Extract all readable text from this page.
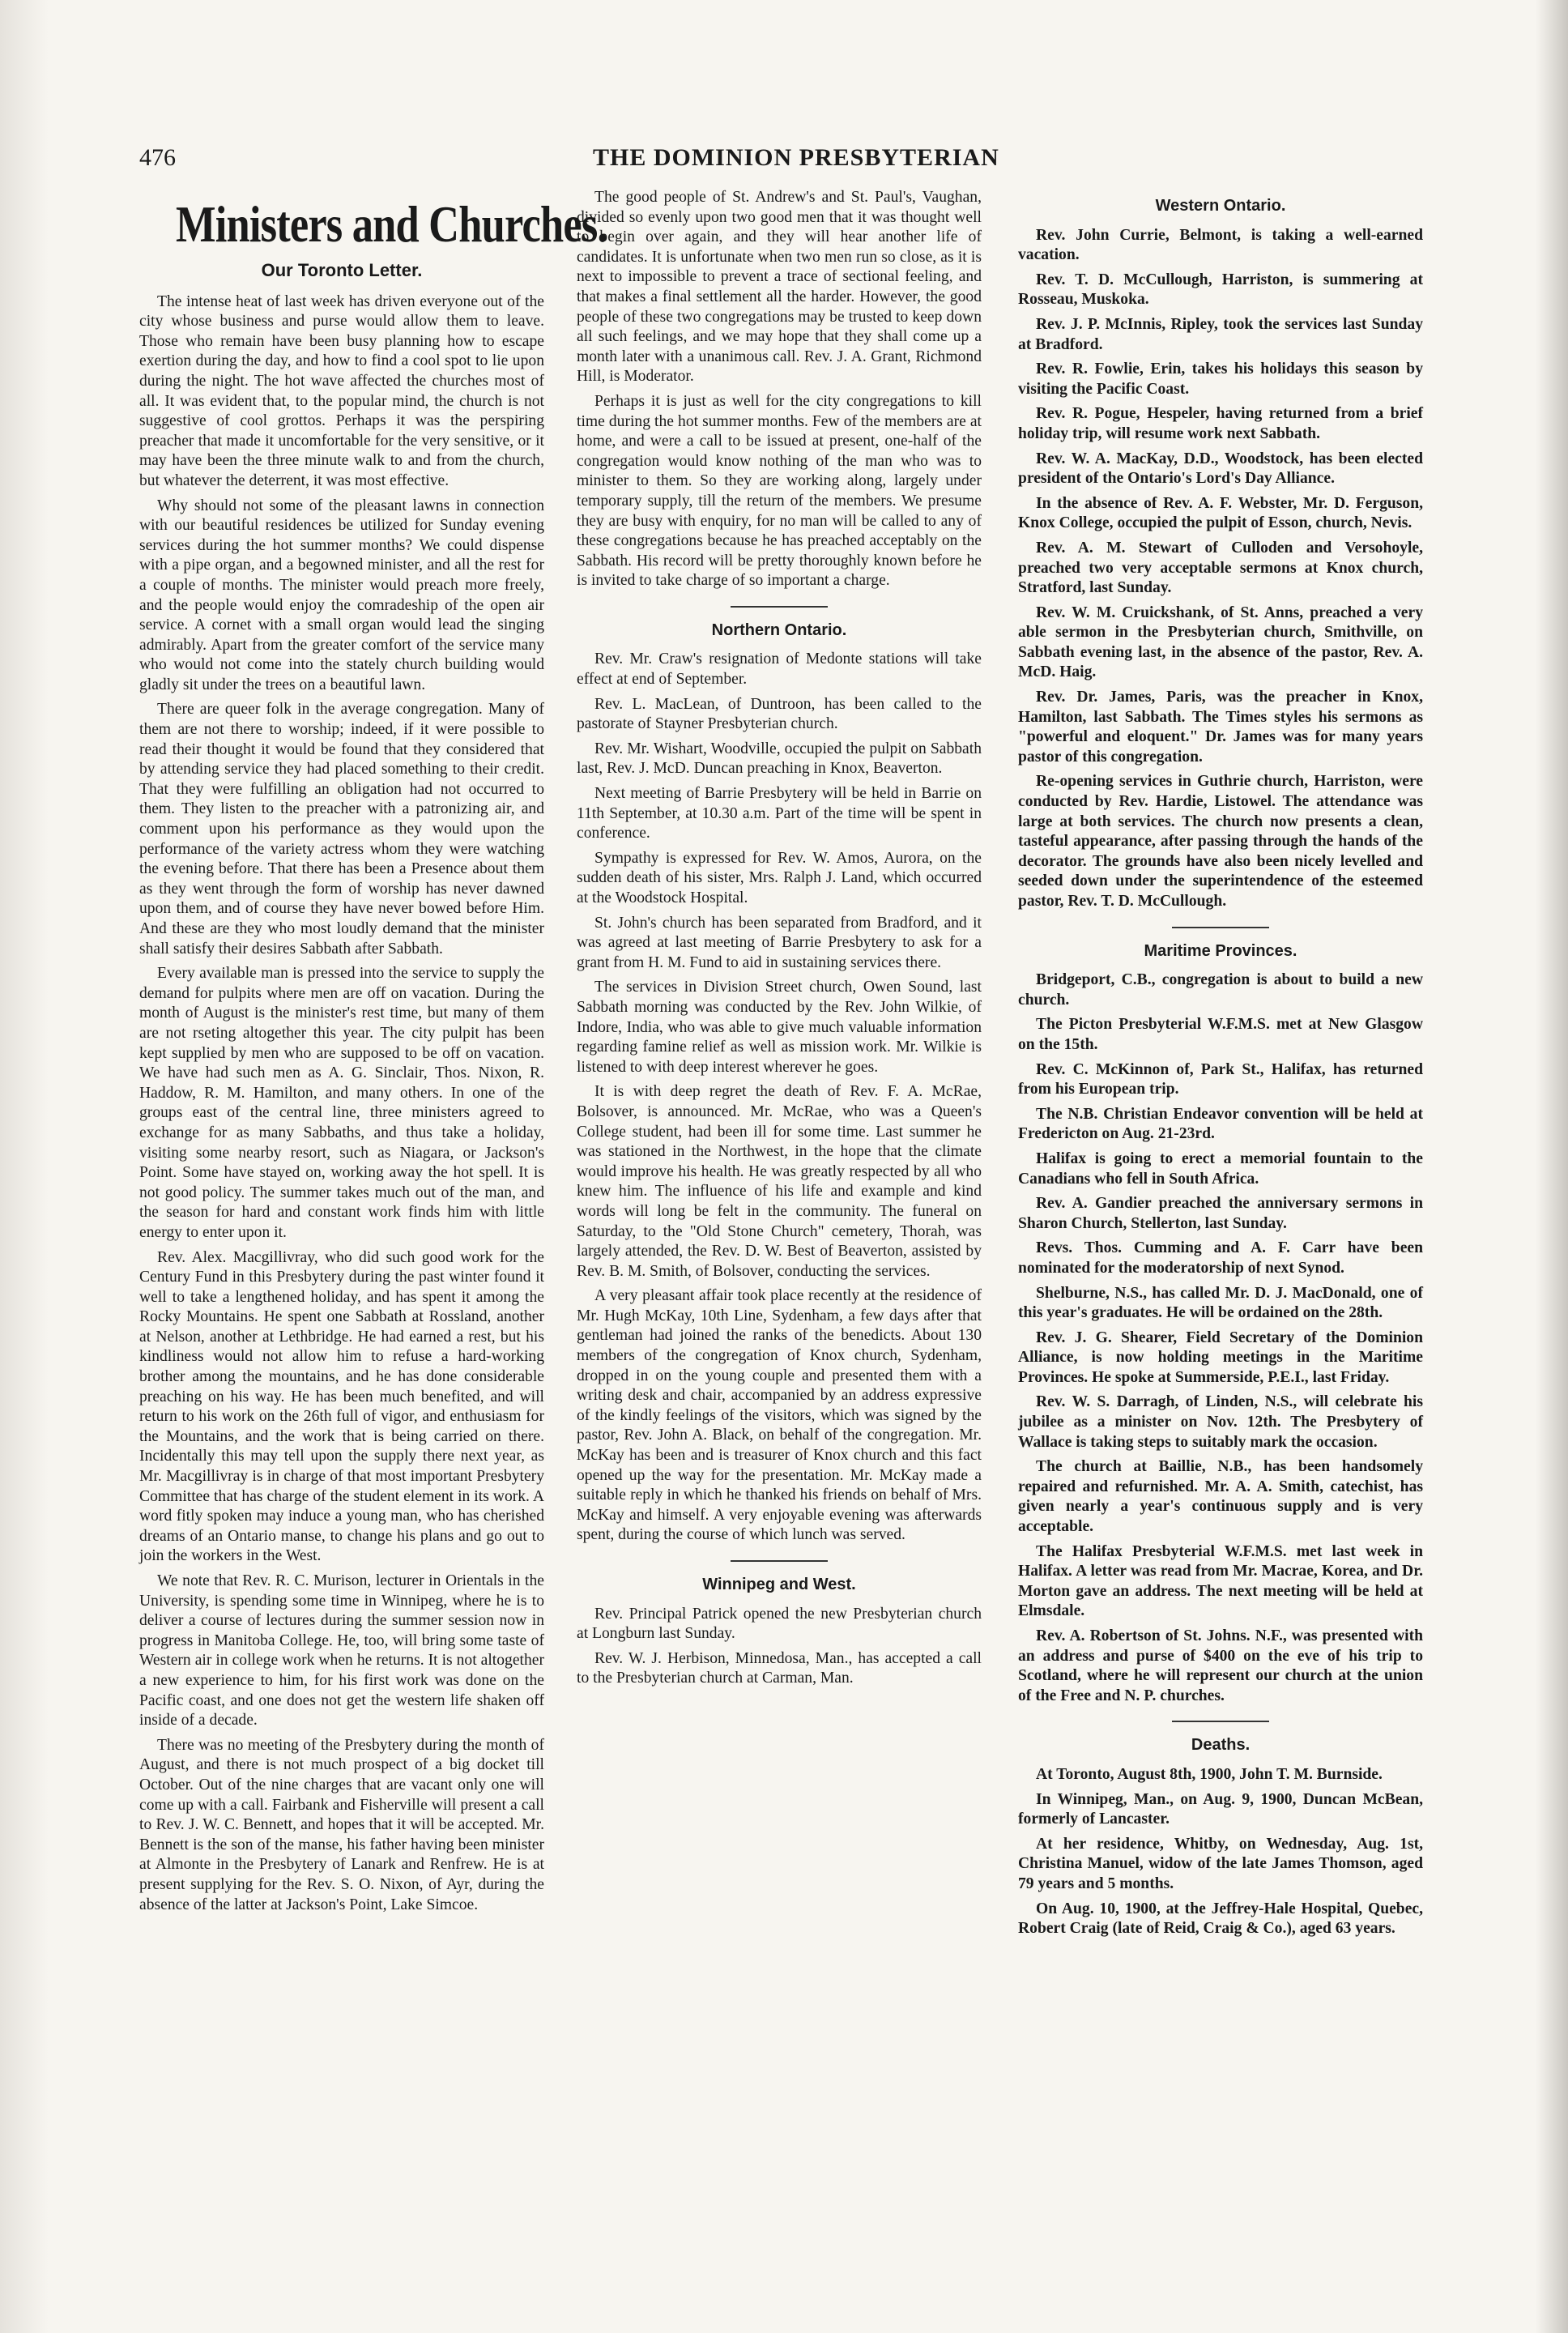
476	THE DOMINION PRESBYTERIAN
Ministers and Churches.
Our Toronto Letter.

The intense heat of last week has driven everyone out of the city whose business and purse would allow them to leave. Those who remain have been busy planning how to escape exertion during the day, and how to find a cool spot to lie upon during the night. The hot wave affected the churches most of all. It was evident that, to the popular mind, the church is not suggestive of cool grottos. Perhaps it was the perspiring preacher that made it uncomfortable for the very sensitive, or it may have been the three minute walk to and from the church, but whatever the deterrent, it was most effective.

Why should not some of the pleasant lawns in connection with our beautiful residences be utilized for Sunday evening services during the hot summer months? We could dispense with a pipe organ, and a begowned minister, and all the rest for a couple of months. The minister would preach more freely, and the people would enjoy the comradeship of the open air service. A cornet with a small organ would lead the singing admirably. Apart from the greater comfort of the service many who would not come into the stately church building would gladly sit under the trees on a beautiful lawn.

There are queer folk in the average congregation. Many of them are not there to worship; indeed, if it were possible to read their thought it would be found that they considered that by attending service they had placed something to their credit. That they were fulfilling an obligation had not occurred to them. They listen to the preacher with a patronizing air, and comment upon his performance as they would upon the performance of the variety actress whom they were watching the evening before. That there has been a Presence about them as they went through the form of worship has never dawned upon them, and of course they have never bowed before Him. And these are they who most loudly demand that the minister shall satisfy their desires Sabbath after Sabbath.

Every available man is pressed into the service to supply the demand for pulpits where men are off on vacation. During the month of August is the minister's rest time, but many of them are not rseting altogether this year. The city pulpit has been kept supplied by men who are supposed to be off on vacation. We have had such men as A. G. Sinclair, Thos. Nixon, R. Haddow, R. M. Hamilton, and many others. In one of the groups east of the central line, three ministers agreed to exchange for as many Sabbaths, and thus take a holiday, visiting some nearby resort, such as Niagara, or Jackson's Point. Some have stayed on, working away the hot spell. It is not good policy. The summer takes much out of the man, and the season for hard and constant work finds him with little energy to enter upon it.

Rev. Alex. Macgillivray, who did such good work for the Century Fund in this Presbytery during the past winter found it well to take a lengthened holiday, and has spent it among the Rocky Mountains. He spent one Sabbath at Rossland, another at Nelson, another at Lethbridge. He had earned a rest, but his kindliness would not allow him to refuse a hard-working brother among the mountains, and he has done considerable preaching on his way. He has been much benefited, and will return to his work on the 26th full of vigor, and enthusiasm for the Mountains, and the work that is being carried on there. Incidentally this may tell upon the supply there next year, as Mr. Macgillivray is in charge of that most important Presbytery Committee that has charge of the student element in its work. A word fitly spoken may induce a young man, who has cherished dreams of an Ontario manse, to change his plans and go out to join the workers in the West.

We note that Rev. R. C. Murison, lecturer in Orientals in the University, is spending some time in Winnipeg, where he is to deliver a course of lectures during the summer session now in progress in Manitoba College. He, too, will bring some taste of Western air in college work when he returns. It is not altogether a new experience to him, for his first work was done on the Pacific coast, and one does not get the western life shaken off inside of a decade.

There was no meeting of the Presbytery during the month of August, and there is not much prospect of a big docket till October. Out of the nine charges that are vacant only one will come up with a call. Fairbank and Fisherville will present a call to Rev. J. W. C. Bennett, and hopes that it will be accepted. Mr. Bennett is the son of the manse, his father having been minister at Almonte in the Presbytery of Lanark and Renfrew. He is at present supplying for the Rev. S. O. Nixon, of Ayr, during the absence of the latter at Jackson's Point, Lake Simcoe.

The good people of St. Andrew's and St. Paul's, Vaughan, divided so evenly upon two good men that it was thought well to begin over again, and they will hear another life of candidates. It is unfortunate when two men run so close, as it is next to impossible to prevent a trace of sectional feeling, and that makes a final settlement all the harder. However, the good people of these two congregations may be trusted to keep down all such feelings, and we may hope that they shall come up a month later with a unanimous call. Rev. J. A. Grant, Richmond Hill, is Moderator.

Perhaps it is just as well for the city congregations to kill time during the hot summer months. Few of the members are at home, and were a call to be issued at present, one-half of the congregation would know nothing of the man who was to minister to them. So they are working along, largely under temporary supply, till the return of the members. We presume they are busy with enquiry, for no man will be called to any of these congregations because he has preached acceptably on the Sabbath. His record will be pretty thoroughly known before he is invited to take charge of so important a charge.

Northern Ontario.

Rev. Mr. Craw's resignation of Medonte stations will take effect at end of September.

Rev. L. MacLean, of Duntroon, has been called to the pastorate of Stayner Presbyterian church.

Rev. Mr. Wishart, Woodville, occupied the pulpit on Sabbath last, Rev. J. McD. Duncan preaching in Knox, Beaverton.

Next meeting of Barrie Presbytery will be held in Barrie on 11th September, at 10.30 a.m. Part of the time will be spent in conference.

Sympathy is expressed for Rev. W. Amos, Aurora, on the sudden death of his sister, Mrs. Ralph J. Land, which occurred at the Woodstock Hospital.

St. John's church has been separated from Bradford, and it was agreed at last meeting of Barrie Presbytery to ask for a grant from H. M. Fund to aid in sustaining services there.

The services in Division Street church, Owen Sound, last Sabbath morning was conducted by the Rev. John Wilkie, of Indore, India, who was able to give much valuable information regarding famine relief as well as mission work. Mr. Wilkie is listened to with deep interest wherever he goes.

It is with deep regret the death of Rev. F. A. McRae, Bolsover, is announced. Mr. McRae, who was a Queen's College student, had been ill for some time. Last summer he was stationed in the Northwest, in the hope that the climate would improve his health. He was greatly respected by all who knew him. The influence of his life and example and kind words will long be felt in the community. The funeral on Saturday, to the "Old Stone Church" cemetery, Thorah, was largely attended, the Rev. D. W. Best of Beaverton, assisted by Rev. B. M. Smith, of Bolsover, conducting the services.

A very pleasant affair took place recently at the residence of Mr. Hugh McKay, 10th Line, Sydenham, a few days after that gentleman had joined the ranks of the benedicts. About 130 members of the congregation of Knox church, Sydenham, dropped in on the young couple and presented them with a writing desk and chair, accompanied by an address expressive of the kindly feelings of the visitors, which was signed by the pastor, Rev. John A. Black, on behalf of the congregation. Mr. McKay has been and is treasurer of Knox church and this fact opened up the way for the presentation. Mr. McKay made a suitable reply in which he thanked his friends on behalf of Mrs. McKay and himself. A very enjoyable evening was afterwards spent, during the course of which lunch was served.

Winnipeg and West.

Rev. Principal Patrick opened the new Presbyterian church at Longburn last Sunday.

Rev. W. J. Herbison, Minnedosa, Man., has accepted a call to the Presbyterian church at Carman, Man.

Western Ontario.

Rev. John Currie, Belmont, is taking a well-earned vacation.

Rev. T. D. McCullough, Harriston, is summering at Rosseau, Muskoka.

Rev. J. P. McInnis, Ripley, took the services last Sunday at Bradford.

Rev. R. Fowlie, Erin, takes his holidays this season by visiting the Pacific Coast.

Rev. R. Pogue, Hespeler, having returned from a brief holiday trip, will resume work next Sabbath.

Rev. W. A. MacKay, D.D., Woodstock, has been elected president of the Ontario's Lord's Day Alliance.

In the absence of Rev. A. F. Webster, Mr. D. Ferguson, Knox College, occupied the pulpit of Esson, church, Nevis.

Rev. A. M. Stewart of Culloden and Versohoyle, preached two very acceptable sermons at Knox church, Stratford, last Sunday.

Rev. W. M. Cruickshank, of St. Anns, preached a very able sermon in the Presbyterian church, Smithville, on Sabbath evening last, in the absence of the pastor, Rev. A. McD. Haig.

Rev. Dr. James, Paris, was the preacher in Knox, Hamilton, last Sabbath. The Times styles his sermons as "powerful and eloquent." Dr. James was for many years pastor of this congregation.

Re-opening services in Guthrie church, Harriston, were conducted by Rev. Hardie, Listowel. The attendance was large at both services. The church now presents a clean, tasteful appearance, after passing through the hands of the decorator. The grounds have also been nicely levelled and seeded down under the superintendence of the esteemed pastor, Rev. T. D. McCullough.

Maritime Provinces.

Bridgeport, C.B., congregation is about to build a new church.

The Picton Presbyterial W.F.M.S. met at New Glasgow on the 15th.

Rev. C. McKinnon of, Park St., Halifax, has returned from his European trip.

The N.B. Christian Endeavor convention will be held at Fredericton on Aug. 21-23rd.

Halifax is going to erect a memorial fountain to the Canadians who fell in South Africa.

Rev. A. Gandier preached the anniversary sermons in Sharon Church, Stellerton, last Sunday.

Revs. Thos. Cumming and A. F. Carr have been nominated for the moderatorship of next Synod.

Shelburne, N.S., has called Mr. D. J. MacDonald, one of this year's graduates. He will be ordained on the 28th.

Rev. J. G. Shearer, Field Secretary of the Dominion Alliance, is now holding meetings in the Maritime Provinces. He spoke at Summerside, P.E.I., last Friday.

Rev. W. S. Darragh, of Linden, N.S., will celebrate his jubilee as a minister on Nov. 12th. The Presbytery of Wallace is taking steps to suitably mark the occasion.

The church at Baillie, N.B., has been handsomely repaired and refurnished. Mr. A. A. Smith, catechist, has given nearly a year's continuous supply and is very acceptable.

The Halifax Presbyterial W.F.M.S. met last week in Halifax. A letter was read from Mr. Macrae, Korea, and Dr. Morton gave an address. The next meeting will be held at Elmsdale.

Rev. A. Robertson of St. Johns. N.F., was presented with an address and purse of $400 on the eve of his trip to Scotland, where he will represent our church at the union of the Free and N. P. churches.

Deaths.

At Toronto, August 8th, 1900, John T. M. Burnside.

In Winnipeg, Man., on Aug. 9, 1900, Duncan McBean, formerly of Lancaster.

At her residence, Whitby, on Wednesday, Aug. 1st, Christina Manuel, widow of the late James Thomson, aged 79 years and 5 months.

On Aug. 10, 1900, at the Jeffrey-Hale Hospital, Quebec, Robert Craig (late of Reid, Craig & Co.), aged 63 years.
